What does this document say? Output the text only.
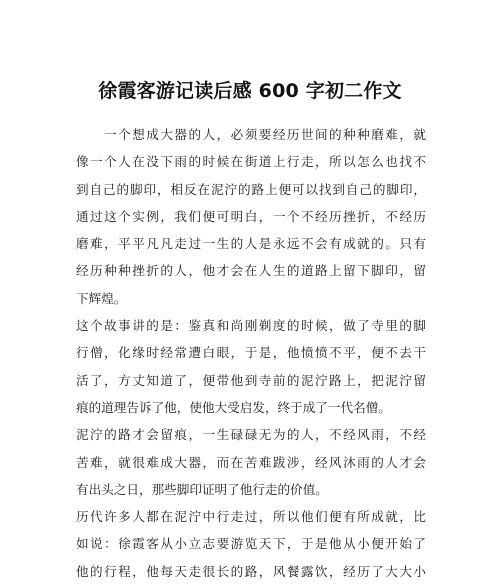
徐霞客游记读后感 600 字初二作文
　　一个想成大器的人，必须要经历世间的种种磨难，就
像一个人在没下雨的时候在街道上行走，所以怎么也找不
到自己的脚印，相反在泥泞的路上便可以找到自己的脚印，
通过这个实例，我们便可明白，一个不经历挫折，不经历
磨难，平平凡凡走过一生的人是永远不会有成就的。只有
经历种种挫折的人，他才会在人生的道路上留下脚印，留
下辉煌。
这个故事讲的是：鉴真和尚刚剃度的时候，做了寺里的脚
行僧，化缘时经常遭白眼，于是，他愤愤不平，便不去干
活了，方丈知道了，便带他到寺前的泥泞路上，把泥泞留
痕的道理告诉了他，使他大受启发，终于成了一代名僧。
泥泞的路才会留痕，一生碌碌无为的人，不经风雨，不经
苦难，就很难成大器，而在苦难跋涉，经风沐雨的人才会
有出头之日，那些脚印证明了他行走的价值。
历代许多人都在泥泞中行走过，所以他们便有所成就，比
如说：徐霞客从小立志要游览天下，于是他从小便开始了
他的行程，他每天走很长的路，风餐露饮，经历了大大小
